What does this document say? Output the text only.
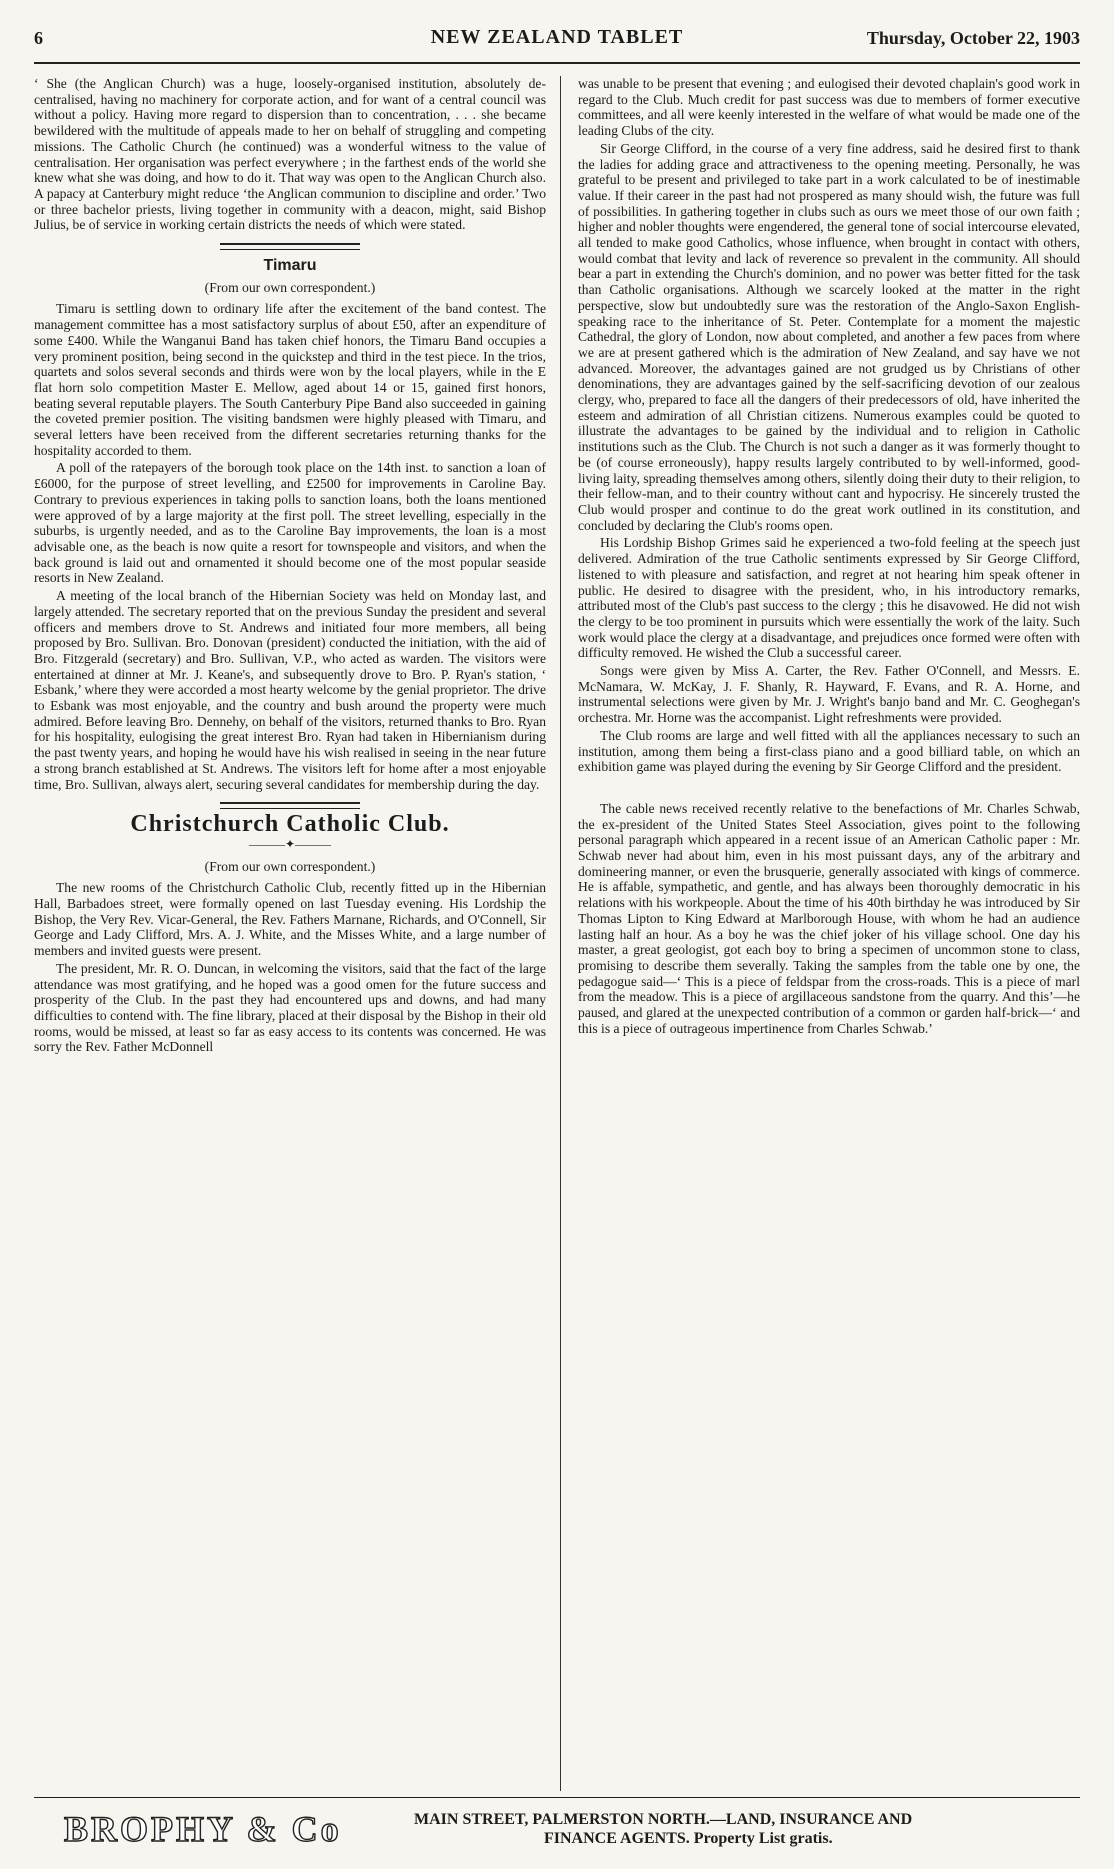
6	NEW ZEALAND TABLET	Thursday, October 22, 1903

‘ She (the Anglican Church) was a huge, loosely-organised institution, absolutely de-centralised, having no machinery for corporate action, and for want of a central council was without a policy. Having more regard to dispersion than to concentration, . . . she became bewildered with the multitude of appeals made to her on behalf of struggling and competing missions. The Catholic Church (he continued) was a wonderful witness to the value of centralisation. Her organisation was perfect everywhere ; in the farthest ends of the world she knew what she was doing, and how to do it. That way was open to the Anglican Church also. A papacy at Canterbury might reduce ‘the Anglican communion to discipline and order.’ Two or three bachelor priests, living together in community with a deacon, might, said Bishop Julius, be of service in working certain districts the needs of which were stated.

Timaru
(From our own correspondent.)

Timaru is settling down to ordinary life after the excitement of the band contest. The management committee has a most satisfactory surplus of about £50, after an expenditure of some £400. While the Wanganui Band has taken chief honors, the Timaru Band occupies a very prominent position, being second in the quickstep and third in the test piece. In the trios, quartets and solos several seconds and thirds were won by the local players, while in the E flat horn solo competition Master E. Mellow, aged about 14 or 15, gained first honors, beating several reputable players. The South Canterbury Pipe Band also succeeded in gaining the coveted premier position. The visiting bandsmen were highly pleased with Timaru, and several letters have been received from the different secretaries returning thanks for the hospitality accorded to them.

A poll of the ratepayers of the borough took place on the 14th inst. to sanction a loan of £6000, for the purpose of street levelling, and £2500 for improvements in Caroline Bay. Contrary to previous experiences in taking polls to sanction loans, both the loans mentioned were approved of by a large majority at the first poll. The street levelling, especially in the suburbs, is urgently needed, and as to the Caroline Bay improvements, the loan is a most advisable one, as the beach is now quite a resort for townspeople and visitors, and when the back ground is laid out and ornamented it should become one of the most popular seaside resorts in New Zealand.

A meeting of the local branch of the Hibernian Society was held on Monday last, and largely attended. The secretary reported that on the previous Sunday the president and several officers and members drove to St. Andrews and initiated four more members, all being proposed by Bro. Sullivan. Bro. Donovan (president) conducted the initiation, with the aid of Bro. Fitzgerald (secretary) and Bro. Sullivan, V.P., who acted as warden. The visitors were entertained at dinner at Mr. J. Keane's, and subsequently drove to Bro. P. Ryan's station, ‘ Esbank,’ where they were accorded a most hearty welcome by the genial proprietor. The drive to Esbank was most enjoyable, and the country and bush around the property were much admired. Before leaving Bro. Dennehy, on behalf of the visitors, returned thanks to Bro. Ryan for his hospitality, eulogising the great interest Bro. Ryan had taken in Hibernianism during the past twenty years, and hoping he would have his wish realised in seeing in the near future a strong branch established at St. Andrews. The visitors left for home after a most enjoyable time, Bro. Sullivan, always alert, securing several candidates for membership during the day.

Christchurch Catholic Club.
———✦———
(From our own correspondent.)

The new rooms of the Christchurch Catholic Club, recently fitted up in the Hibernian Hall, Barbadoes street, were formally opened on last Tuesday evening. His Lordship the Bishop, the Very Rev. Vicar-General, the Rev. Fathers Marnane, Richards, and O'Connell, Sir George and Lady Clifford, Mrs. A. J. White, and the Misses White, and a large number of members and invited guests were present.

The president, Mr. R. O. Duncan, in welcoming the visitors, said that the fact of the large attendance was most gratifying, and he hoped was a good omen for the future success and prosperity of the Club. In the past they had encountered ups and downs, and had many difficulties to contend with. The fine library, placed at their disposal by the Bishop in their old rooms, would be missed, at least so far as easy access to its contents was concerned. He was sorry the Rev. Father McDonnell

was unable to be present that evening ; and eulogised their devoted chaplain's good work in regard to the Club. Much credit for past success was due to members of former executive committees, and all were keenly interested in the welfare of what would be made one of the leading Clubs of the city.

Sir George Clifford, in the course of a very fine address, said he desired first to thank the ladies for adding grace and attractiveness to the opening meeting. Personally, he was grateful to be present and privileged to take part in a work calculated to be of inestimable value. If their career in the past had not prospered as many should wish, the future was full of possibilities. In gathering together in clubs such as ours we meet those of our own faith ; higher and nobler thoughts were engendered, the general tone of social intercourse elevated, all tended to make good Catholics, whose influence, when brought in contact with others, would combat that levity and lack of reverence so prevalent in the community. All should bear a part in extending the Church's dominion, and no power was better fitted for the task than Catholic organisations. Although we scarcely looked at the matter in the right perspective, slow but undoubtedly sure was the restoration of the Anglo-Saxon English-speaking race to the inheritance of St. Peter. Contemplate for a moment the majestic Cathedral, the glory of London, now about completed, and another a few paces from where we are at present gathered which is the admiration of New Zealand, and say have we not advanced. Moreover, the advantages gained are not grudged us by Christians of other denominations, they are advantages gained by the self-sacrificing devotion of our zealous clergy, who, prepared to face all the dangers of their predecessors of old, have inherited the esteem and admiration of all Christian citizens. Numerous examples could be quoted to illustrate the advantages to be gained by the individual and to religion in Catholic institutions such as the Club. The Church is not such a danger as it was formerly thought to be (of course erroneously), happy results largely contributed to by well-informed, good-living laity, spreading themselves among others, silently doing their duty to their religion, to their fellow-man, and to their country without cant and hypocrisy. He sincerely trusted the Club would prosper and continue to do the great work outlined in its constitution, and concluded by declaring the Club's rooms open.

His Lordship Bishop Grimes said he experienced a two-fold feeling at the speech just delivered. Admiration of the true Catholic sentiments expressed by Sir George Clifford, listened to with pleasure and satisfaction, and regret at not hearing him speak oftener in public. He desired to disagree with the president, who, in his introductory remarks, attributed most of the Club's past success to the clergy ; this he disavowed. He did not wish the clergy to be too prominent in pursuits which were essentially the work of the laity. Such work would place the clergy at a disadvantage, and prejudices once formed were often with difficulty removed. He wished the Club a successful career.

Songs were given by Miss A. Carter, the Rev. Father O'Connell, and Messrs. E. McNamara, W. McKay, J. F. Shanly, R. Hayward, F. Evans, and R. A. Horne, and instrumental selections were given by Mr. J. Wright's banjo band and Mr. C. Geoghegan's orchestra. Mr. Horne was the accompanist. Light refreshments were provided.

The Club rooms are large and well fitted with all the appliances necessary to such an institution, among them being a first-class piano and a good billiard table, on which an exhibition game was played during the evening by Sir George Clifford and the president.

The cable news received recently relative to the benefactions of Mr. Charles Schwab, the ex-president of the United States Steel Association, gives point to the following personal paragraph which appeared in a recent issue of an American Catholic paper : Mr. Schwab never had about him, even in his most puissant days, any of the arbitrary and domineering manner, or even the brusquerie, generally associated with kings of commerce. He is affable, sympathetic, and gentle, and has always been thoroughly democratic in his relations with his workpeople. About the time of his 40th birthday he was introduced by Sir Thomas Lipton to King Edward at Marlborough House, with whom he had an audience lasting half an hour. As a boy he was the chief joker of his village school. One day his master, a great geologist, got each boy to bring a specimen of uncommon stone to class, promising to describe them severally. Taking the samples from the table one by one, the pedagogue said—‘ This is a piece of feldspar from the cross-roads. This is a piece of marl from the meadow. This is a piece of argillaceous sandstone from the quarry. And this’—he paused, and glared at the unexpected contribution of a common or garden half-brick—‘ and this is a piece of outrageous impertinence from Charles Schwab.’

BROPHY & Co	MAIN STREET, PALMERSTON NORTH.—LAND, INSURANCE AND
FINANCE AGENTS. Property List gratis.
